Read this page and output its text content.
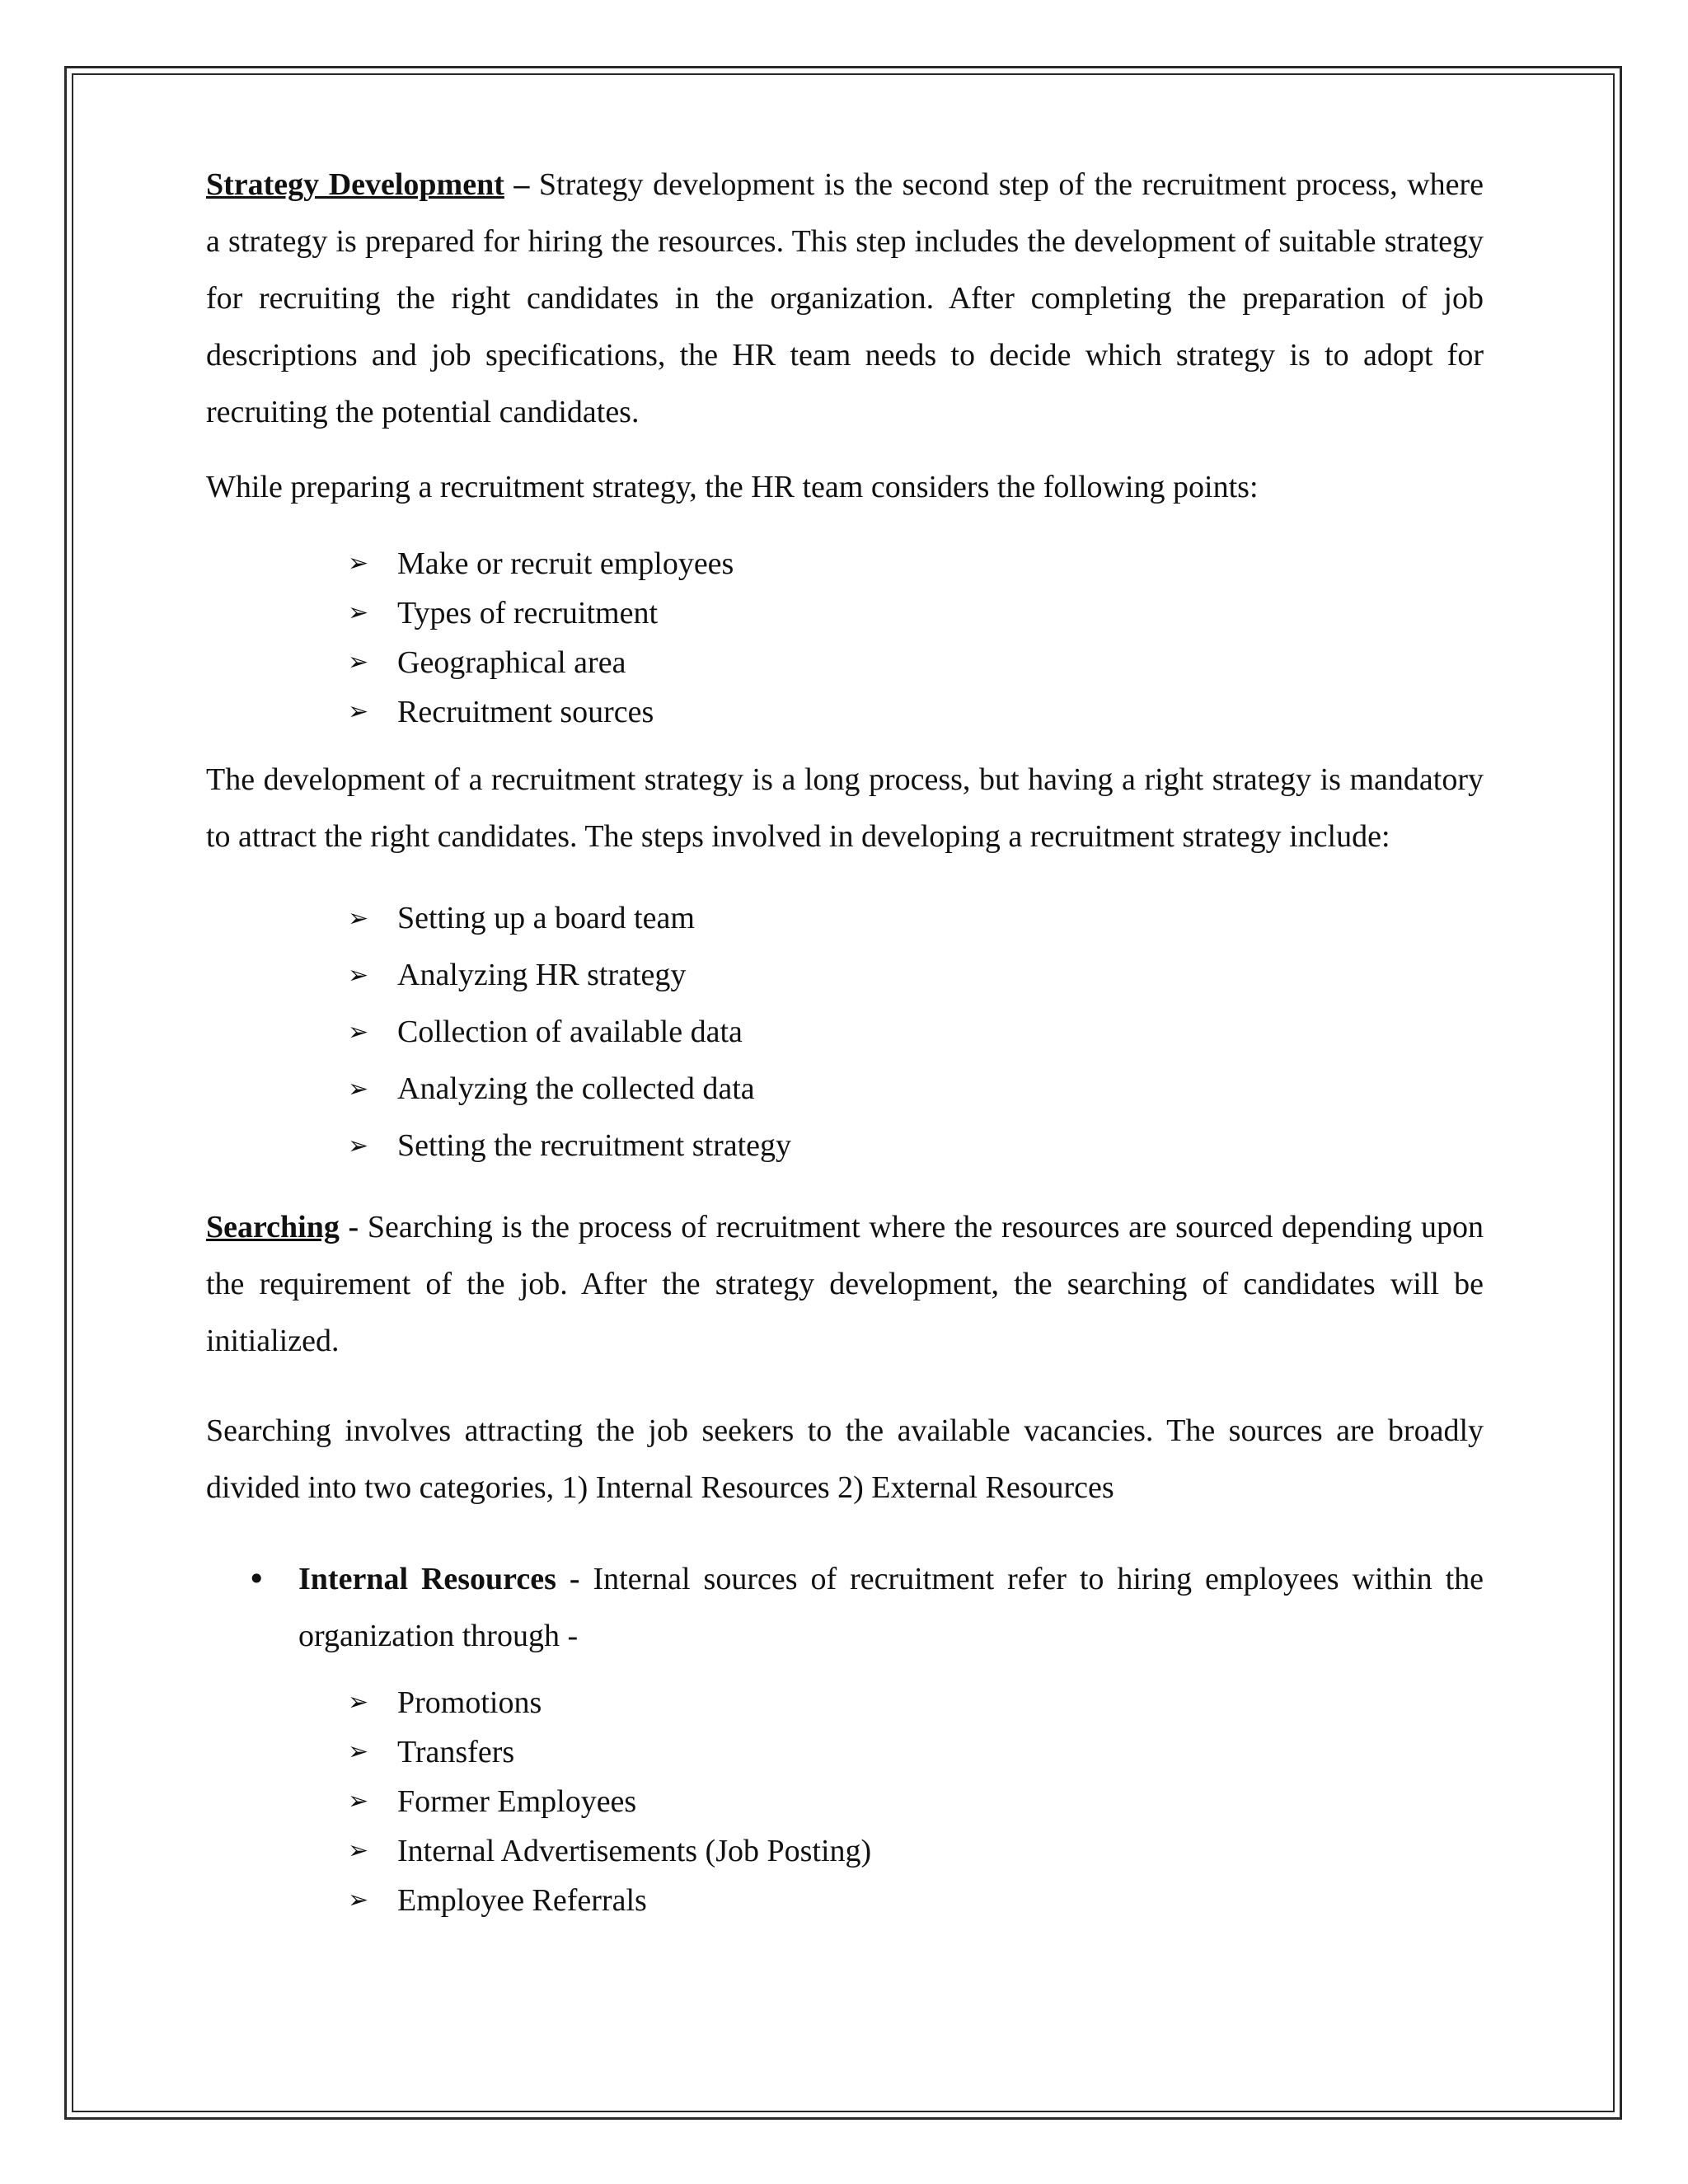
Strategy Development – Strategy development is the second step of the recruitment process, where a strategy is prepared for hiring the resources. This step includes the development of suitable strategy for recruiting the right candidates in the organization. After completing the preparation of job descriptions and job specifications, the HR team needs to decide which strategy is to adopt for recruiting the potential candidates.

While preparing a recruitment strategy, the HR team considers the following points:

➢ Make or recruit employees
➢ Types of recruitment
➢ Geographical area
➢ Recruitment sources

The development of a recruitment strategy is a long process, but having a right strategy is mandatory to attract the right candidates. The steps involved in developing a recruitment strategy include:

➢ Setting up a board team
➢ Analyzing HR strategy
➢ Collection of available data
➢ Analyzing the collected data
➢ Setting the recruitment strategy

Searching - Searching is the process of recruitment where the resources are sourced depending upon the requirement of the job. After the strategy development, the searching of candidates will be initialized.

Searching involves attracting the job seekers to the available vacancies. The sources are broadly divided into two categories, 1) Internal Resources 2) External Resources

• Internal Resources - Internal sources of recruitment refer to hiring employees within the organization through -
➢ Promotions
➢ Transfers
➢ Former Employees
➢ Internal Advertisements (Job Posting)
➢ Employee Referrals
